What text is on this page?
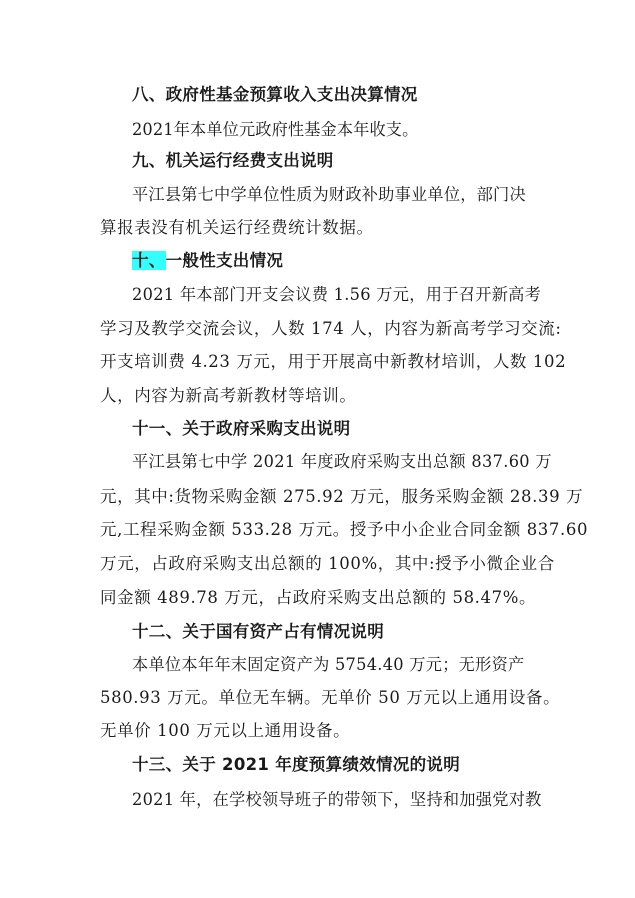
八、政府性基金预算收入支出决算情况
2021年本单位元政府性基金本年收支。
九、机关运行经费支出说明
平江县第七中学单位性质为财政补助事业单位，部门决
算报表没有机关运行经费统计数据。
十、一般性支出情况
2021 年本部门开支会议费 1.56 万元，用于召开新高考
学习及教学交流会议，人数 174 人，内容为新高考学习交流:
开支培训费 4.23 万元，用于开展高中新教材培训，人数 102
人，内容为新高考新教材等培训。
十一、关于政府采购支出说明
平江县第七中学 2021 年度政府采购支出总额 837.60 万
元，其中:货物采购金额 275.92 万元，服务采购金额 28.39 万
元,工程采购金额 533.28 万元。授予中小企业合同金额 837.60
万元，占政府采购支出总额的 100%，其中:授予小微企业合
同金额 489.78 万元，占政府采购支出总额的 58.47%。
十二、关于国有资产占有情况说明
本单位本年年末固定资产为 5754.40 万元；无形资产
580.93 万元。单位无车辆。无单价 50 万元以上通用设备。
无单价 100 万元以上通用设备。
十三、关于 2021 年度预算绩效情况的说明
2021 年，在学校领导班子的带领下，坚持和加强党对教
